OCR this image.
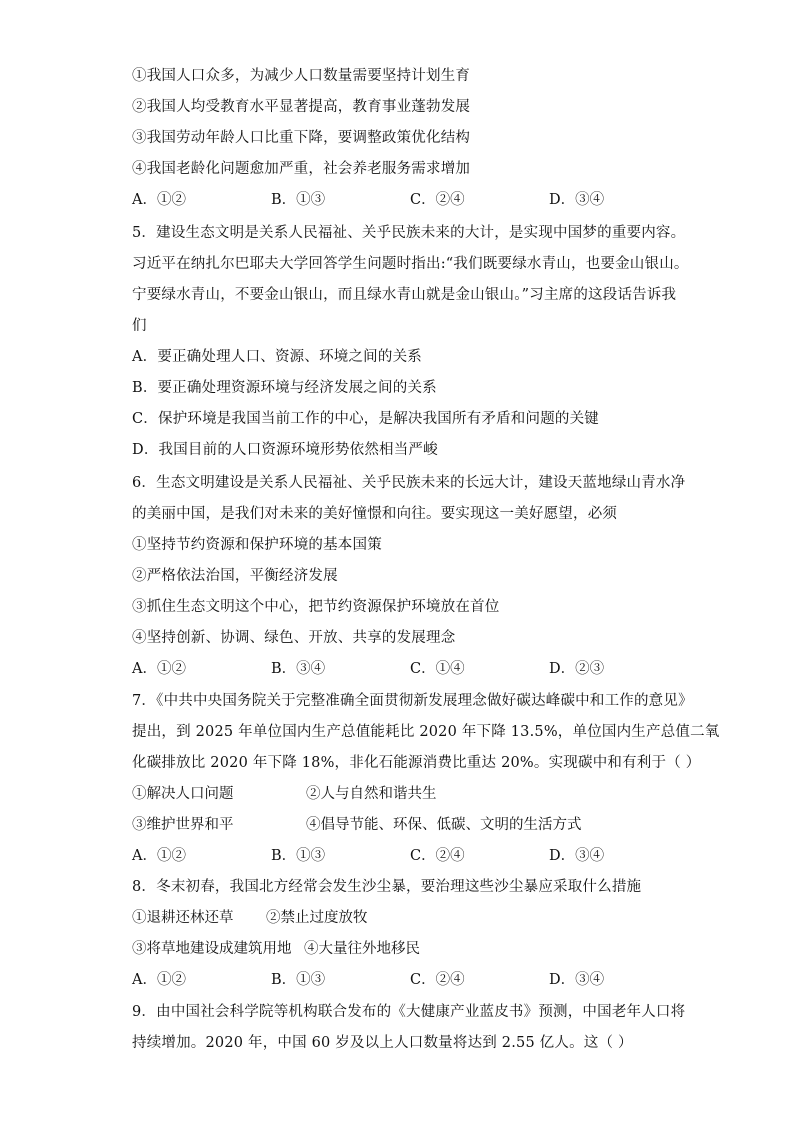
①我国人口众多，为减少人口数量需要坚持计划生育
②我国人均受教育水平显著提高，教育事业蓬勃发展
③我国劳动年龄人口比重下降，要调整政策优化结构
④我国老龄化问题愈加严重，社会养老服务需求增加
A．①②	B．①③	C．②④	D．③④
5．建设生态文明是关系人民福祉、关乎民族未来的大计，是实现中国梦的重要内容。
习近平在纳扎尔巴耶夫大学回答学生问题时指出:“我们既要绿水青山，也要金山银山。
宁要绿水青山，不要金山银山，而且绿水青山就是金山银山。”习主席的这段话告诉我
们
A．要正确处理人口、资源、环境之间的关系
B．要正确处理资源环境与经济发展之间的关系
C．保护环境是我国当前工作的中心，是解决我国所有矛盾和问题的关键
D．我国目前的人口资源环境形势依然相当严峻
6．生态文明建设是关系人民福祉、关乎民族未来的长远大计，建设天蓝地绿山青水净
的美丽中国，是我们对未来的美好憧憬和向往。要实现这一美好愿望，必须
①坚持节约资源和保护环境的基本国策
②严格依法治国，平衡经济发展
③抓住生态文明这个中心，把节约资源保护环境放在首位
④坚持创新、协调、绿色、开放、共享的发展理念
A．①②	B．③④	C．①④	D．②③
7．《中共中央国务院关于完整准确全面贯彻新发展理念做好碳达峰碳中和工作的意见》
提出，到 2025 年单位国内生产总值能耗比 2020 年下降 13.5%，单位国内生产总值二氧
化碳排放比 2020 年下降 18%，非化石能源消费比重达 20%。实现碳中和有利于（ ）
①解决人口问题	②人与自然和谐共生
③维护世界和平	④倡导节能、环保、低碳、文明的生活方式
A．①②	B．①③	C．②④	D．③④
8．冬末初春，我国北方经常会发生沙尘暴，要治理这些沙尘暴应采取什么措施
①退耕还林还草 ②禁止过度放牧
③将草地建设成建筑用地 ④大量往外地移民
A．①②	B．①③	C．②④	D．③④
9．由中国社会科学院等机构联合发布的《大健康产业蓝皮书》预测，中国老年人口将
持续增加。2020 年，中国 60 岁及以上人口数量将达到 2.55 亿人。这（ ）
